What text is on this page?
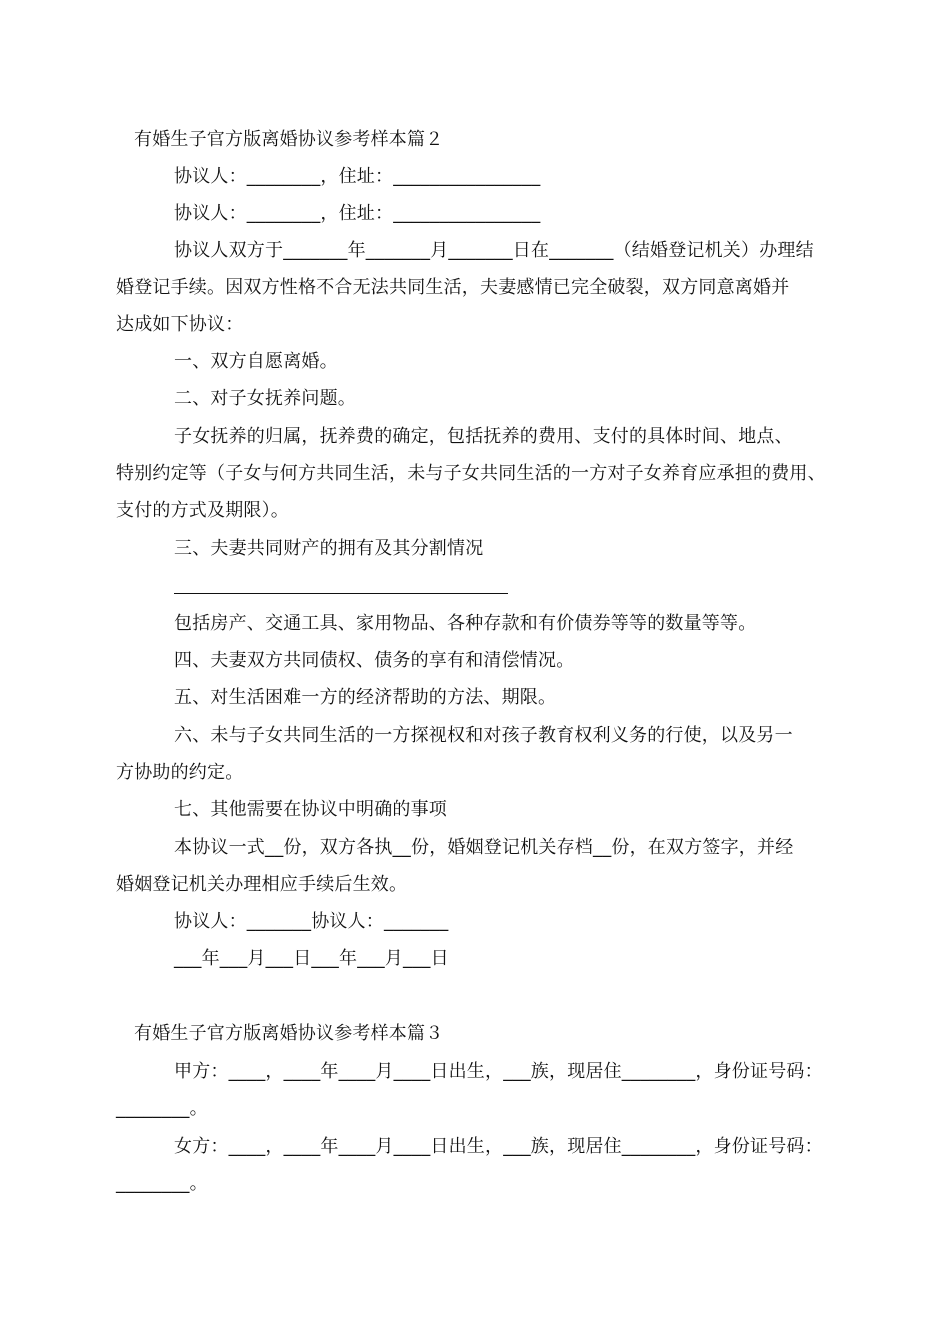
有婚生子官方版离婚协议参考样本篇２
协议人：________，住址：________________
协议人：________，住址：________________
协议人双方于_______年_______月_______日在_______（结婚登记机关）办理结
婚登记手续。因双方性格不合无法共同生活，夫妻感情已完全破裂，双方同意离婚并
达成如下协议：
一、双方自愿离婚。
二、对子女抚养问题。
子女抚养的归属，抚养费的确定，包括抚养的费用、支付的具体时间、地点、
特别约定等（子女与何方共同生活，未与子女共同生活的一方对子女养育应承担的费用、
支付的方式及期限）。
三、夫妻共同财产的拥有及其分割情况
包括房产、交通工具、家用物品、各种存款和有价债券等等的数量等等。
四、夫妻双方共同债权、债务的享有和清偿情况。
五、对生活困难一方的经济帮助的方法、期限。
六、未与子女共同生活的一方探视权和对孩子教育权利义务的行使，以及另一
方协助的约定。
七、其他需要在协议中明确的事项
本协议一式__份，双方各执__份，婚姻登记机关存档__份，在双方签字，并经
婚姻登记机关办理相应手续后生效。
协议人：_______协议人：_______
___年___月___日___年___月___日
有婚生子官方版离婚协议参考样本篇３
甲方：____，____年____月____日出生，___族，现居住________，身份证号码：
________。
女方：____，____年____月____日出生，___族，现居住________，身份证号码：
________。
